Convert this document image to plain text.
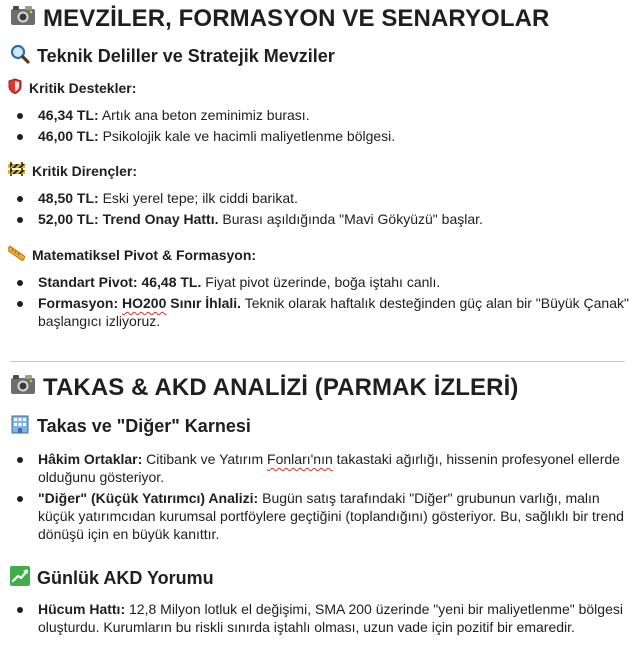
MEVZİLER, FORMASYON VE SENARYOLAR
Teknik Deliller ve Stratejik Mevziler
Kritik Destekler:
46,34 TL: Artık ana beton zeminimiz burası.
46,00 TL: Psikolojik kale ve hacimli maliyetlenme bölgesi.
Kritik Dirençler:
48,50 TL: Eski yerel tepe; ilk ciddi barikat.
52,00 TL: Trend Onay Hattı. Burası aşıldığında "Mavi Gökyüzü" başlar.
Matematiksel Pivot & Formasyon:
Standart Pivot: 46,48 TL. Fiyat pivot üzerinde, boğa iştahı canlı.
Formasyon: HO200 Sınır İhlali. Teknik olarak haftalık desteğinden güç alan bir "Büyük Çanak" başlangıcı izliyoruz.
TAKAS & AKD ANALİZİ (PARMAK İZLERİ)
Takas ve "Diğer" Karnesi
Hâkim Ortaklar: Citibank ve Yatırım Fonları'nın takastaki ağırlığı, hissenin profesyonel ellerde olduğunu gösteriyor.
"Diğer" (Küçük Yatırımcı) Analizi: Bugün satış tarafındaki "Diğer" grubunun varlığı, malın küçük yatırımcıdan kurumsal portföylere geçtiğini (toplandığını) gösteriyor. Bu, sağlıklı bir trend dönüşü için en büyük kanıttır.
Günlük AKD Yorumu
Hücum Hattı: 12,8 Milyon lotluk el değişimi, SMA 200 üzerinde "yeni bir maliyetlenme" bölgesi oluşturdu. Kurumların bu riskli sınırda iştahlı olması, uzun vade için pozitif bir emaredir.
